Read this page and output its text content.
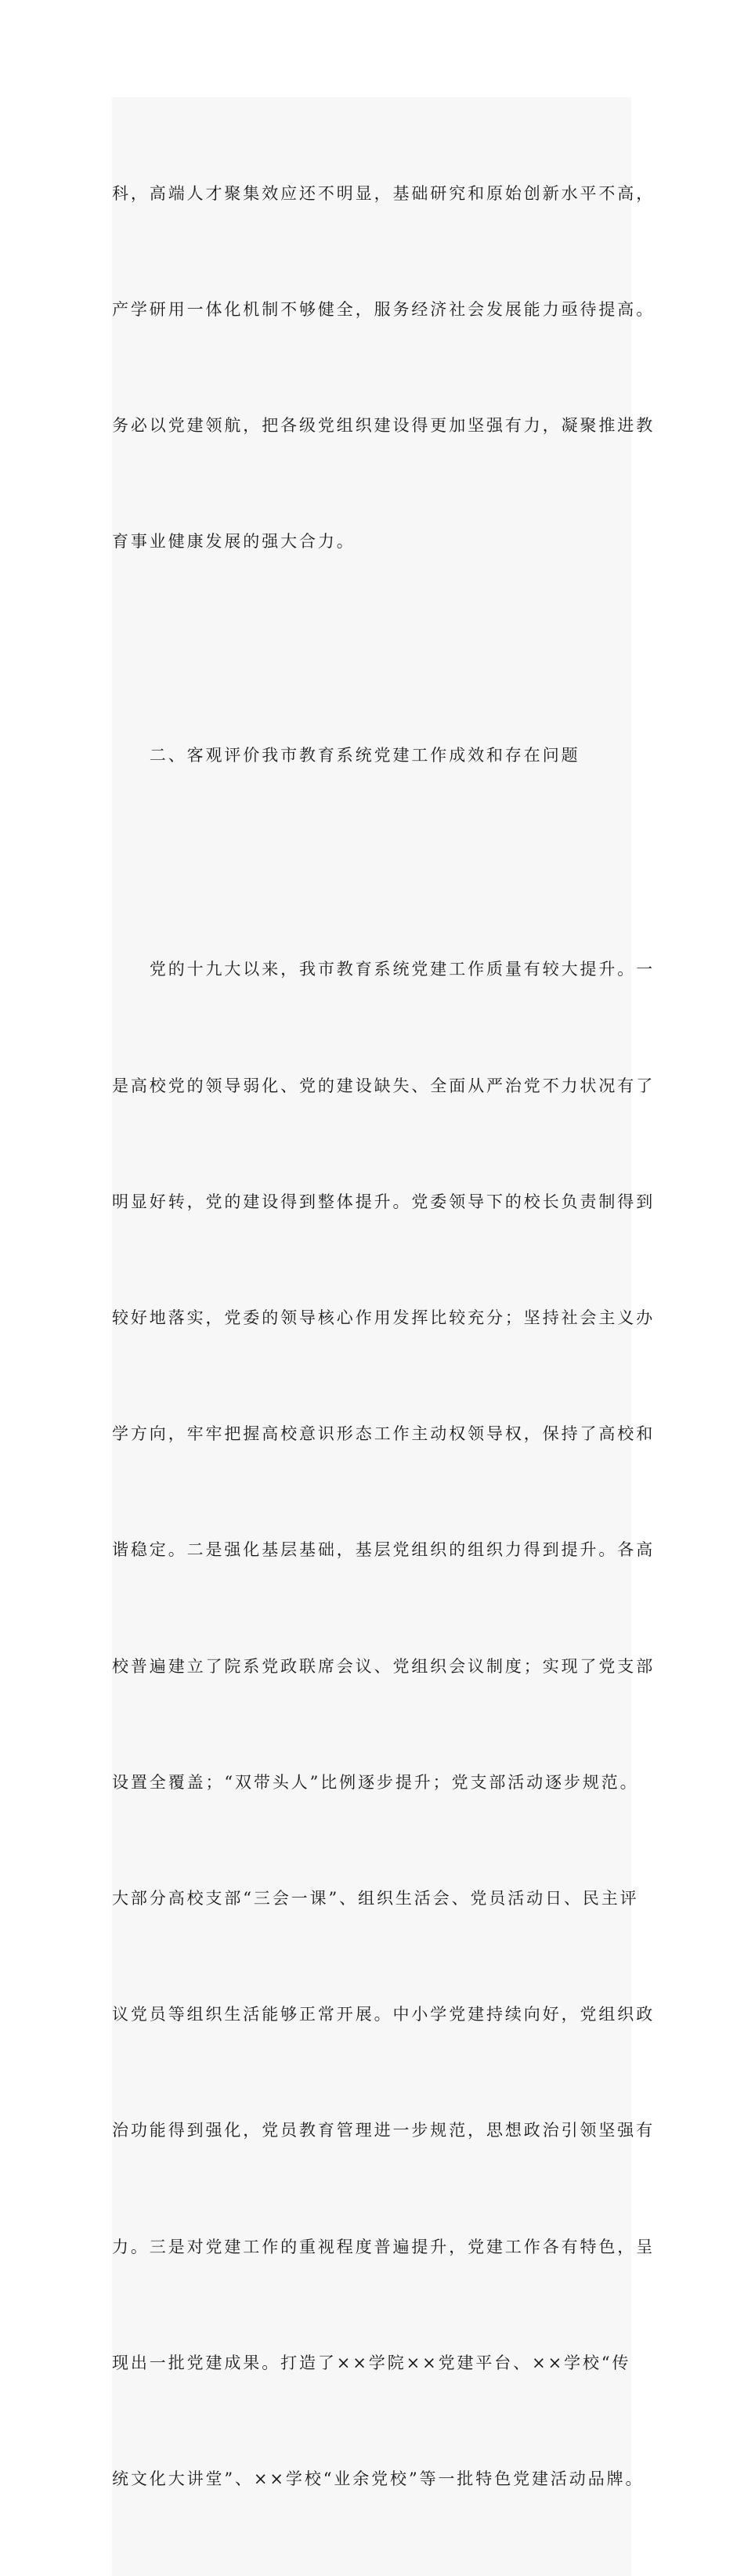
科，高端人才聚集效应还不明显，基础研究和原始创新水平不高，

产学研用一体化机制不够健全，服务经济社会发展能力亟待提高。

务必以党建领航，把各级党组织建设得更加坚强有力，凝聚推进教

育事业健康发展的强大合力。

　　二、客观评价我市教育系统党建工作成效和存在问题

　　党的十九大以来，我市教育系统党建工作质量有较大提升。一

是高校党的领导弱化、党的建设缺失、全面从严治党不力状况有了

明显好转，党的建设得到整体提升。党委领导下的校长负责制得到

较好地落实，党委的领导核心作用发挥比较充分；坚持社会主义办

学方向，牢牢把握高校意识形态工作主动权领导权，保持了高校和

谐稳定。二是强化基层基础，基层党组织的组织力得到提升。各高

校普遍建立了院系党政联席会议、党组织会议制度；实现了党支部

设置全覆盖；“双带头人”比例逐步提升；党支部活动逐步规范。

大部分高校支部“三会一课”、组织生活会、党员活动日、民主评

议党员等组织生活能够正常开展。中小学党建持续向好，党组织政

治功能得到强化，党员教育管理进一步规范，思想政治引领坚强有

力。三是对党建工作的重视程度普遍提升，党建工作各有特色，呈

现出一批党建成果。打造了××学院××党建平台、××学校“传

统文化大讲堂”、××学校“业余党校”等一批特色党建活动品牌。
